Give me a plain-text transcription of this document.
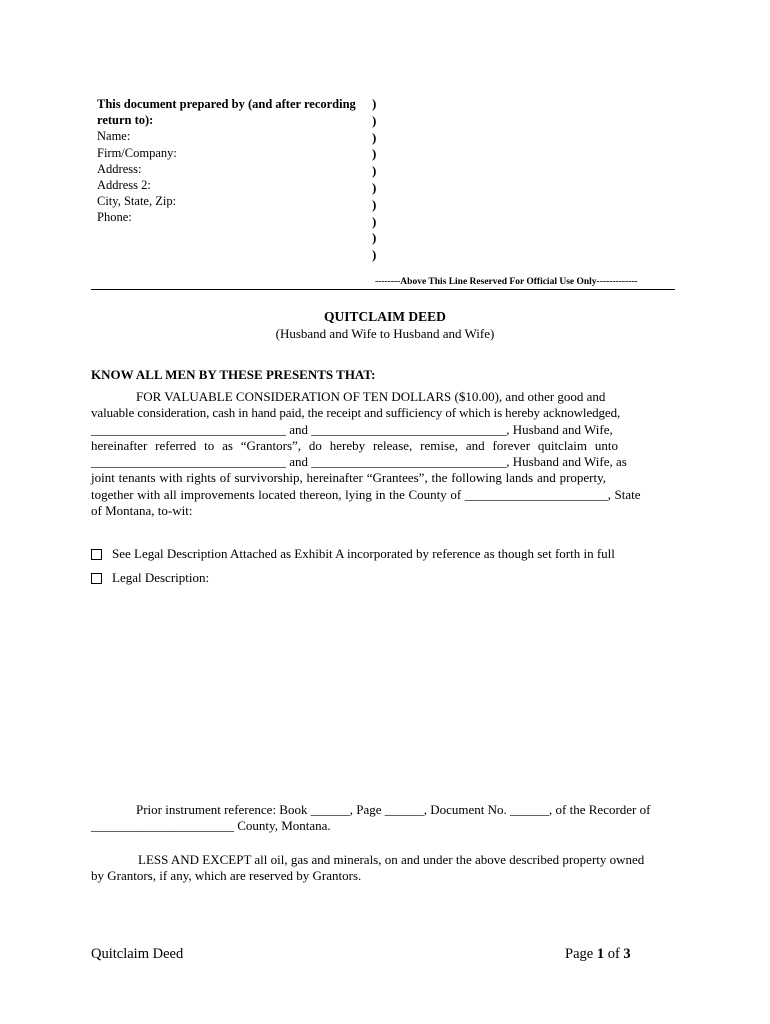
This document prepared by (and after recording
return to):
Name:
Firm/Company:
Address:
Address 2:
City, State, Zip:
Phone:
)
)
)
)
)
)
)
)
)
)
--------Above This Line Reserved For Official Use Only-------------
QUITCLAIM DEED
(Husband and Wife to Husband and Wife)
KNOW ALL MEN BY THESE PRESENTS THAT:
FOR VALUABLE CONSIDERATION OF TEN DOLLARS ($10.00), and other good and
valuable consideration, cash in hand paid, the receipt and sufficiency of which is hereby acknowledged,
______________________________ and ______________________________, Husband and Wife,
hereinafter referred to as “Grantors”, do hereby release, remise, and forever quitclaim unto
______________________________ and ______________________________, Husband and Wife, as
joint tenants with rights of survivorship, hereinafter “Grantees”, the following lands and property,
together with all improvements located thereon, lying in the County of ______________________, State
of Montana, to-wit:
See Legal Description Attached as Exhibit A incorporated by reference as though set forth in full
Legal Description:
Prior instrument reference: Book ______, Page ______, Document No. ______, of the Recorder of
______________________ County, Montana.
LESS AND EXCEPT all oil, gas and minerals, on and under the above described property owned
by Grantors, if any, which are reserved by Grantors.
Quitclaim Deed	Page 1 of 3
